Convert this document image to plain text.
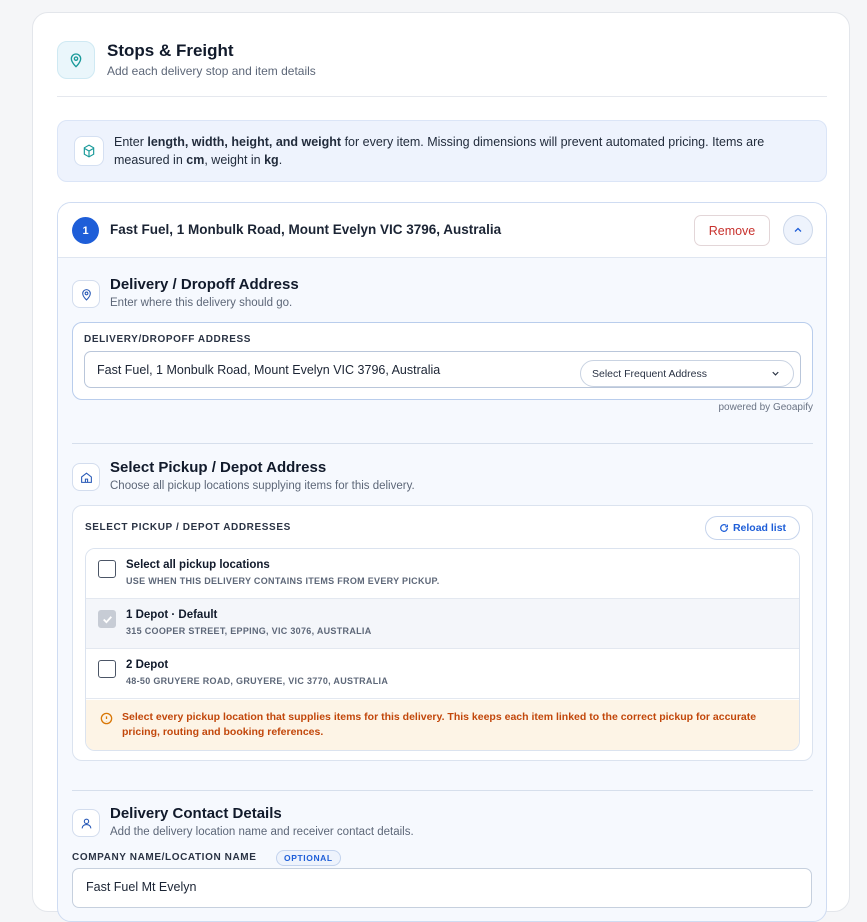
Stops & Freight
Add each delivery stop and item details
Enter length, width, height, and weight for every item. Missing dimensions will prevent automated pricing. Items are measured in cm, weight in kg.
1	Fast Fuel, 1 Monbulk Road, Mount Evelyn VIC 3796, Australia	Remove
Delivery / Dropoff Address
Enter where this delivery should go.
DELIVERY/DROPOFF ADDRESS
Fast Fuel, 1 Monbulk Road, Mount Evelyn VIC 3796, Australia	Select Frequent Address
powered by Geoapify
Select Pickup / Depot Address
Choose all pickup locations supplying items for this delivery.
SELECT PICKUP / DEPOT ADDRESSES	Reload list
Select all pickup locations
USE WHEN THIS DELIVERY CONTAINS ITEMS FROM EVERY PICKUP.
1 Depot · Default
315 COOPER STREET, EPPING, VIC 3076, AUSTRALIA
2 Depot
48-50 GRUYERE ROAD, GRUYERE, VIC 3770, AUSTRALIA
Select every pickup location that supplies items for this delivery. This keeps each item linked to the correct pickup for accurate pricing, routing and booking references.
Delivery Contact Details
Add the delivery location name and receiver contact details.
COMPANY NAME/LOCATION NAME	OPTIONAL
Fast Fuel Mt Evelyn
